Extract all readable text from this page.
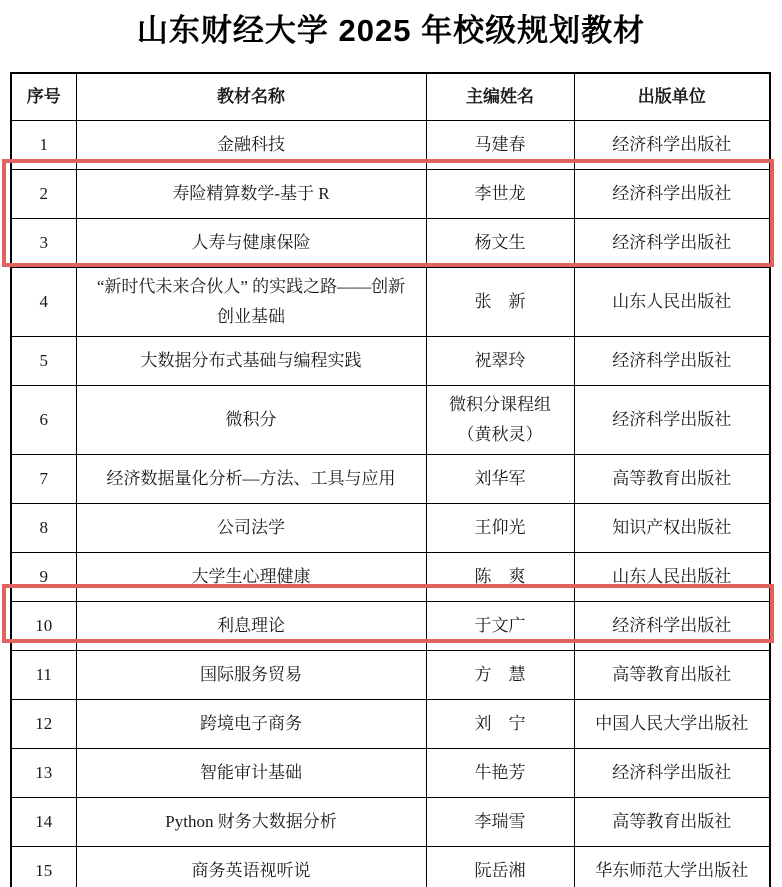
山东财经大学 2025 年校级规划教材
序号	教材名称	主编姓名	出版单位
1	金融科技	马建春	经济科学出版社
2	寿险精算数学-基于 R	李世龙	经济科学出版社
3	人寿与健康保险	杨文生	经济科学出版社
4	“新时代未来合伙人” 的实践之路——创新
创业基础	张　新	山东人民出版社
5	大数据分布式基础与编程实践	祝翠玲	经济科学出版社
6	微积分	微积分课程组
（黄秋灵）	经济科学出版社
7	经济数据量化分析—方法、工具与应用	刘华军	高等教育出版社
8	公司法学	王仰光	知识产权出版社
9	大学生心理健康	陈　爽	山东人民出版社
10	利息理论	于文广	经济科学出版社
11	国际服务贸易	方　慧	高等教育出版社
12	跨境电子商务	刘　宁	中国人民大学出版社
13	智能审计基础	牛艳芳	经济科学出版社
14	Python 财务大数据分析	李瑞雪	高等教育出版社
15	商务英语视听说	阮岳湘	华东师范大学出版社
